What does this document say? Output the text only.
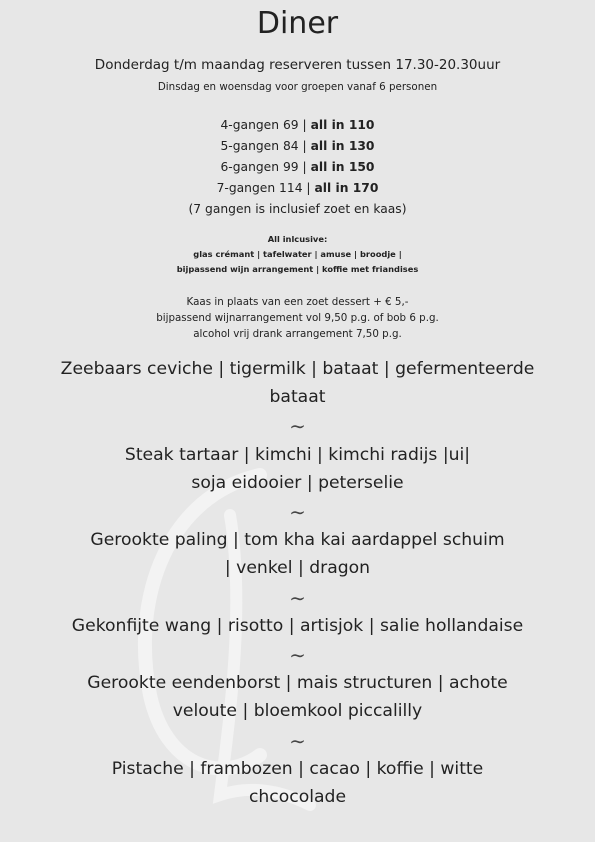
Diner
Donderdag t/m maandag reserveren tussen 17.30-20.30uur
Dinsdag en woensdag voor groepen vanaf 6 personen
4-gangen 69 | all in 110
5-gangen 84 | all in 130
6-gangen 99 | all in 150
7-gangen 114 | all in 170
(7 gangen is inclusief zoet en kaas)
All inlcusive:
glas crémant | tafelwater | amuse | broodje |
bijpassend wijn arrangement | koffie met friandises
Kaas in plaats van een zoet dessert + € 5,-
bijpassend wijnarrangement vol 9,50 p.g. of bob 6 p.g.
alcohol vrij drank arrangement 7,50 p.g.
Zeebaars ceviche | tigermilk | bataat | gefermenteerde
bataat
∼
Steak tartaar | kimchi | kimchi radijs |ui|
soja eidooier | peterselie
∼
Gerookte paling | tom kha kai aardappel schuim
| venkel | dragon
∼
Gekonfijte wang | risotto | artisjok | salie hollandaise
∼
Gerookte eendenborst | mais structuren | achote
veloute | bloemkool piccalilly
∼
Pistache | frambozen | cacao | koffie | witte
chcocolade
